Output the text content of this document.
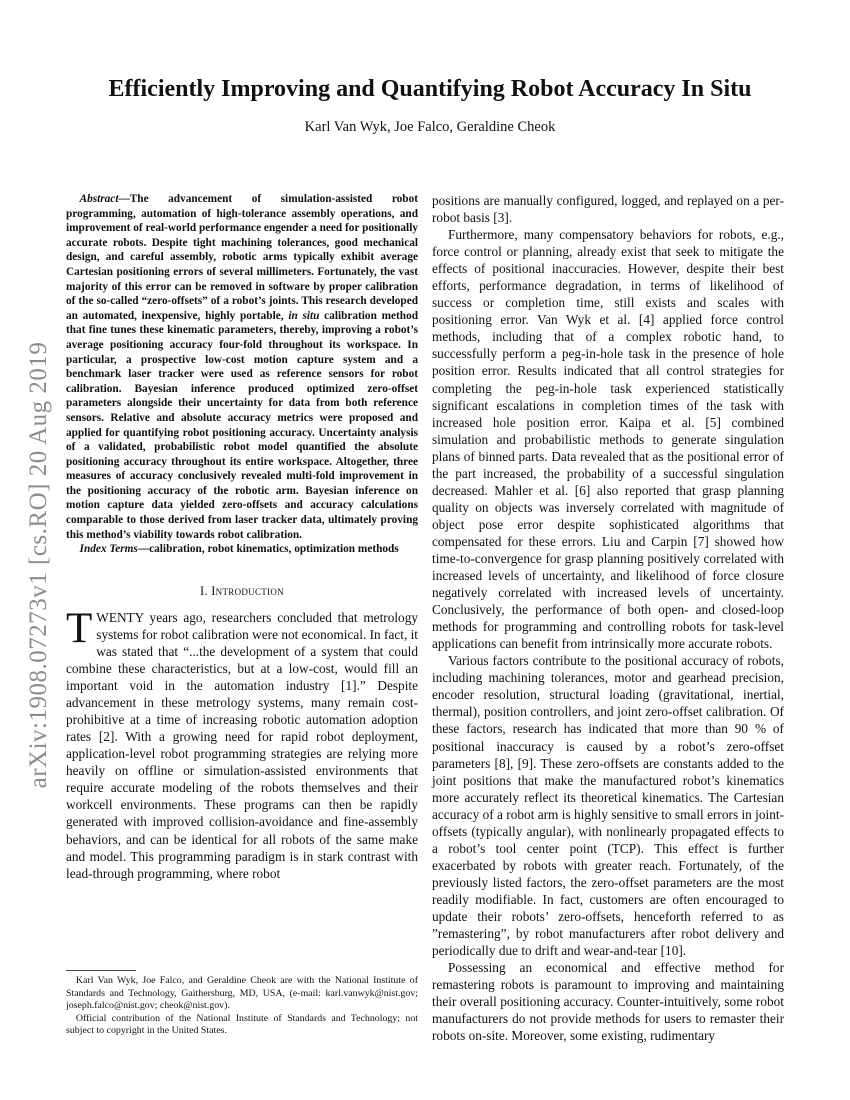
arXiv:1908.07273v1 [cs.RO] 20 Aug 2019
Efficiently Improving and Quantifying Robot Accuracy In Situ
Karl Van Wyk, Joe Falco, Geraldine Cheok

Abstract—The advancement of simulation-assisted robot programming, automation of high-tolerance assembly operations, and improvement of real-world performance engender a need for positionally accurate robots. Despite tight machining tolerances, good mechanical design, and careful assembly, robotic arms typically exhibit average Cartesian positioning errors of several millimeters. Fortunately, the vast majority of this error can be removed in software by proper calibration of the so-called “zero-offsets” of a robot’s joints. This research developed an automated, inexpensive, highly portable, in situ calibration method that fine tunes these kinematic parameters, thereby, improving a robot’s average positioning accuracy four-fold throughout its workspace. In particular, a prospective low-cost motion capture system and a benchmark laser tracker were used as reference sensors for robot calibration. Bayesian inference produced optimized zero-offset parameters alongside their uncertainty for data from both reference sensors. Relative and absolute accuracy metrics were proposed and applied for quantifying robot positioning accuracy. Uncertainty analysis of a validated, probabilistic robot model quantified the absolute positioning accuracy throughout its entire workspace. Altogether, three measures of accuracy conclusively revealed multi-fold improvement in the positioning accuracy of the robotic arm. Bayesian inference on motion capture data yielded zero-offsets and accuracy calculations comparable to those derived from laser tracker data, ultimately proving this method’s viability towards robot calibration.

Index Terms—calibration, robot kinematics, optimization methods

I. Introduction

TWENTY years ago, researchers concluded that metrology systems for robot calibration were not economical. In fact, it was stated that “...the development of a system that could combine these characteristics, but at a low-cost, would fill an important void in the automation industry [1].” Despite advancement in these metrology systems, many remain cost-prohibitive at a time of increasing robotic automation adoption rates [2]. With a growing need for rapid robot deployment, application-level robot programming strategies are relying more heavily on offline or simulation-assisted environments that require accurate modeling of the robots themselves and their workcell environments. These programs can then be rapidly generated with improved collision-avoidance and fine-assembly behaviors, and can be identical for all robots of the same make and model. This programming paradigm is in stark contrast with lead-through programming, where robot

Karl Van Wyk, Joe Falco, and Geraldine Cheok are with the National Institute of Standards and Technology, Gaithersburg, MD, USA, (e-mail: karl.vanwyk@nist.gov; joseph.falco@nist.gov; cheok@nist.gov).

Official contribution of the National Institute of Standards and Technology; not subject to copyright in the United States.

positions are manually configured, logged, and replayed on a per-robot basis [3].

Furthermore, many compensatory behaviors for robots, e.g., force control or planning, already exist that seek to mitigate the effects of positional inaccuracies. However, despite their best efforts, performance degradation, in terms of likelihood of success or completion time, still exists and scales with positioning error. Van Wyk et al. [4] applied force control methods, including that of a complex robotic hand, to successfully perform a peg-in-hole task in the presence of hole position error. Results indicated that all control strategies for completing the peg-in-hole task experienced statistically significant escalations in completion times of the task with increased hole position error. Kaipa et al. [5] combined simulation and probabilistic methods to generate singulation plans of binned parts. Data revealed that as the positional error of the part increased, the probability of a successful singulation decreased. Mahler et al. [6] also reported that grasp planning quality on objects was inversely correlated with magnitude of object pose error despite sophisticated algorithms that compensated for these errors. Liu and Carpin [7] showed how time-to-convergence for grasp planning positively correlated with increased levels of uncertainty, and likelihood of force closure negatively correlated with increased levels of uncertainty. Conclusively, the performance of both open- and closed-loop methods for programming and controlling robots for task-level applications can benefit from intrinsically more accurate robots.

Various factors contribute to the positional accuracy of robots, including machining tolerances, motor and gearhead precision, encoder resolution, structural loading (gravitational, inertial, thermal), position controllers, and joint zero-offset calibration. Of these factors, research has indicated that more than 90 % of positional inaccuracy is caused by a robot’s zero-offset parameters [8], [9]. These zero-offsets are constants added to the joint positions that make the manufactured robot’s kinematics more accurately reflect its theoretical kinematics. The Cartesian accuracy of a robot arm is highly sensitive to small errors in joint-offsets (typically angular), with nonlinearly propagated effects to a robot’s tool center point (TCP). This effect is further exacerbated by robots with greater reach. Fortunately, of the previously listed factors, the zero-offset parameters are the most readily modifiable. In fact, customers are often encouraged to update their robots’ zero-offsets, henceforth referred to as ”remastering”, by robot manufacturers after robot delivery and periodically due to drift and wear-and-tear [10].

Possessing an economical and effective method for remastering robots is paramount to improving and maintaining their overall positioning accuracy. Counter-intuitively, some robot manufacturers do not provide methods for users to remaster their robots on-site. Moreover, some existing, rudimentary
